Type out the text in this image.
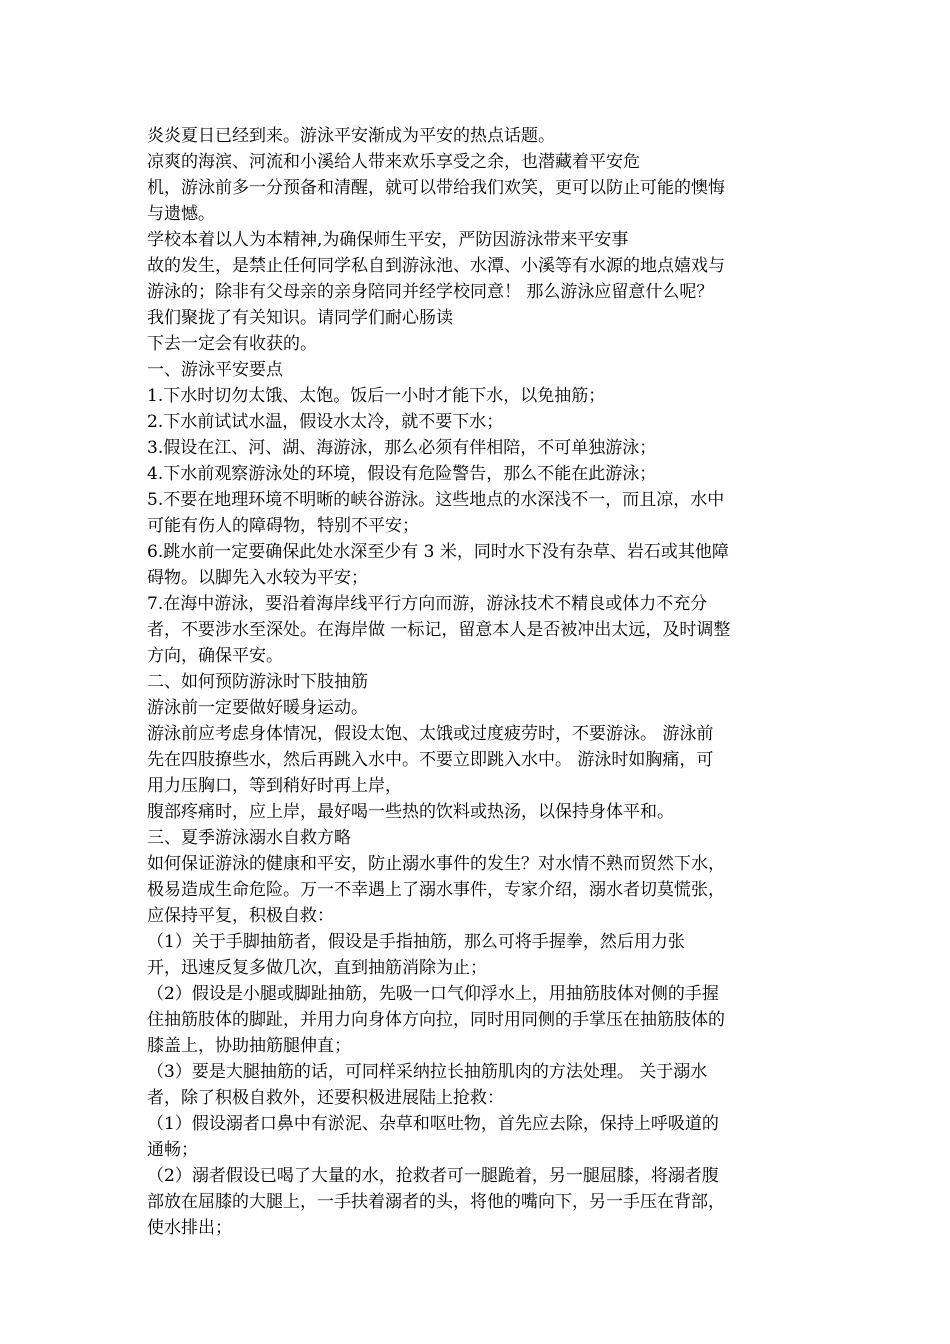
炎炎夏日已经到来。游泳平安渐成为平安的热点话题。

凉爽的海滨、河流和小溪给人带来欢乐享受之余，也潜藏着平安危

机，游泳前多一分预备和清醒，就可以带给我们欢笑，更可以防止可能的懊悔

与遗憾。

学校本着以人为本精神,为确保师生平安，严防因游泳带来平安事

故的发生，是禁止任何同学私自到游泳池、水潭、小溪等有水源的地点嬉戏与

游泳的；除非有父母亲的亲身陪同并经学校同意！ 那么游泳应留意什么呢？

我们聚拢了有关知识。请同学们耐心肠读

下去一定会有收获的。

一、游泳平安要点

1.下水时切勿太饿、太饱。饭后一小时才能下水，以免抽筋；

2.下水前试试水温，假设水太冷，就不要下水；

3.假设在江、河、湖、海游泳，那么必须有伴相陪，不可单独游泳；

4.下水前观察游泳处的环境，假设有危险警告，那么不能在此游泳；

5.不要在地理环境不明晰的峡谷游泳。这些地点的水深浅不一，而且凉，水中

可能有伤人的障碍物，特别不平安；

6.跳水前一定要确保此处水深至少有 3 米，同时水下没有杂草、岩石或其他障

碍物。以脚先入水较为平安；

7.在海中游泳，要沿着海岸线平行方向而游，游泳技术不精良或体力不充分

者，不要涉水至深处。在海岸做 一标记，留意本人是否被冲出太远，及时调整

方向，确保平安。

二、如何预防游泳时下肢抽筋

游泳前一定要做好暖身运动。

游泳前应考虑身体情况，假设太饱、太饿或过度疲劳时，不要游泳。 游泳前

先在四肢撩些水，然后再跳入水中。不要立即跳入水中。 游泳时如胸痛，可

用力压胸口，等到稍好时再上岸，

腹部疼痛时，应上岸，最好喝一些热的饮料或热汤，以保持身体平和。

三、夏季游泳溺水自救方略

如何保证游泳的健康和平安，防止溺水事件的发生？对水情不熟而贸然下水，

极易造成生命危险。万一不幸遇上了溺水事件，专家介绍，溺水者切莫慌张，

应保持平复，积极自救：

（1）关于手脚抽筋者，假设是手指抽筋，那么可将手握拳，然后用力张

开，迅速反复多做几次，直到抽筋消除为止；

（2）假设是小腿或脚趾抽筋，先吸一口气仰浮水上，用抽筋肢体对侧的手握

住抽筋肢体的脚趾，并用力向身体方向拉，同时用同侧的手掌压在抽筋肢体的

膝盖上，协助抽筋腿伸直；

（3）要是大腿抽筋的话，可同样采纳拉长抽筋肌肉的方法处理。 关于溺水

者，除了积极自救外，还要积极进展陆上抢救：

（1）假设溺者口鼻中有淤泥、杂草和呕吐物，首先应去除，保持上呼吸道的

通畅；

（2）溺者假设已喝了大量的水，抢救者可一腿跪着，另一腿屈膝，将溺者腹

部放在屈膝的大腿上，一手扶着溺者的头，将他的嘴向下，另一手压在背部，

使水排出；
